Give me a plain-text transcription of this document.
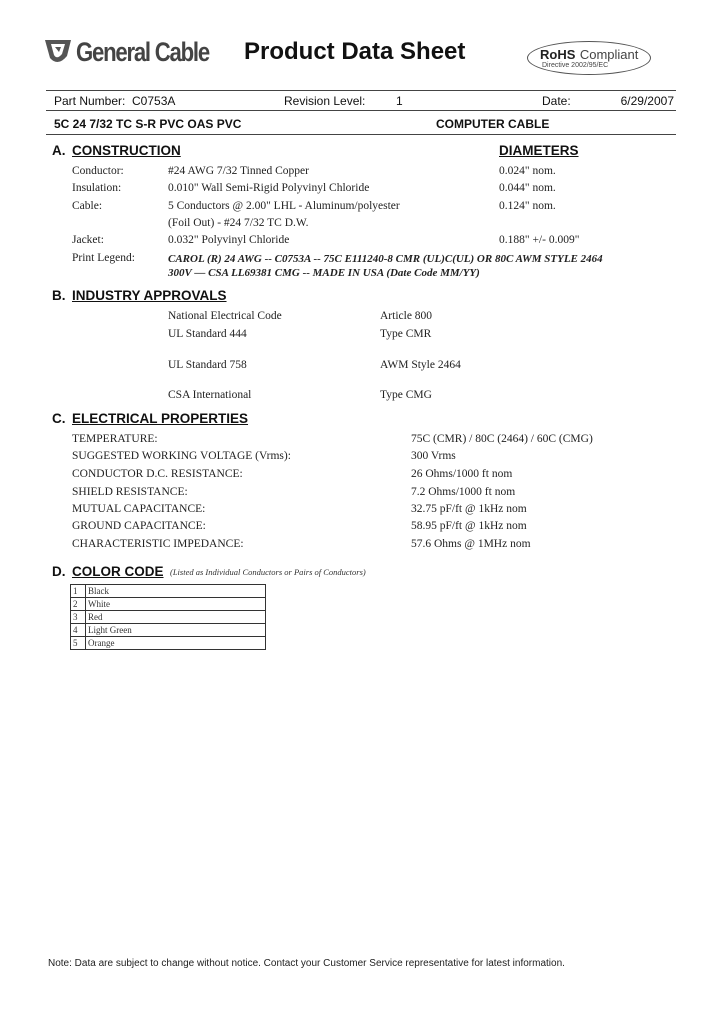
General Cable Product Data Sheet	RoHS Compliant
Directive 2002/95/EC
Part Number: C0753A	Revision Level:	1	Date:	6/29/2007
5C 24 7/32 TC S-R PVC OAS PVC	COMPUTER CABLE
A. CONSTRUCTION	DIAMETERS
Conductor:	#24 AWG 7/32 Tinned Copper	0.024" nom.
Insulation:	0.010" Wall Semi-Rigid Polyvinyl Chloride	0.044" nom.
Cable:	5 Conductors @ 2.00" LHL - Aluminum/polyester	0.124" nom.
(Foil Out) - #24 7/32 TC D.W.
Jacket:	0.032" Polyvinyl Chloride	0.188" +/- 0.009"
Print Legend:	CAROL (R) 24 AWG -- C0753A -- 75C E111240-8 CMR (UL)C(UL) OR 80C AWM STYLE 2464
300V — CSA LL69381 CMG -- MADE IN USA (Date Code MM/YY)
B. INDUSTRY APPROVALS
National Electrical Code	Article 800
UL Standard 444	Type CMR
UL Standard 758	AWM Style 2464
CSA International	Type CMG
C. ELECTRICAL PROPERTIES
TEMPERATURE:	75C (CMR) / 80C (2464) / 60C (CMG)
SUGGESTED WORKING VOLTAGE (Vrms):	300 Vrms
CONDUCTOR D.C. RESISTANCE:	26 Ohms/1000 ft nom
SHIELD RESISTANCE:	7.2 Ohms/1000 ft nom
MUTUAL CAPACITANCE:	32.75 pF/ft @ 1kHz nom
GROUND CAPACITANCE:	58.95 pF/ft @ 1kHz nom
CHARACTERISTIC IMPEDANCE:	57.6 Ohms @ 1MHz nom
D. COLOR CODE (Listed as Individual Conductors or Pairs of Conductors)
1	Black
2	White
3	Red
4	Light Green
5	Orange
Note: Data are subject to change without notice. Contact your Customer Service representative for latest information.
